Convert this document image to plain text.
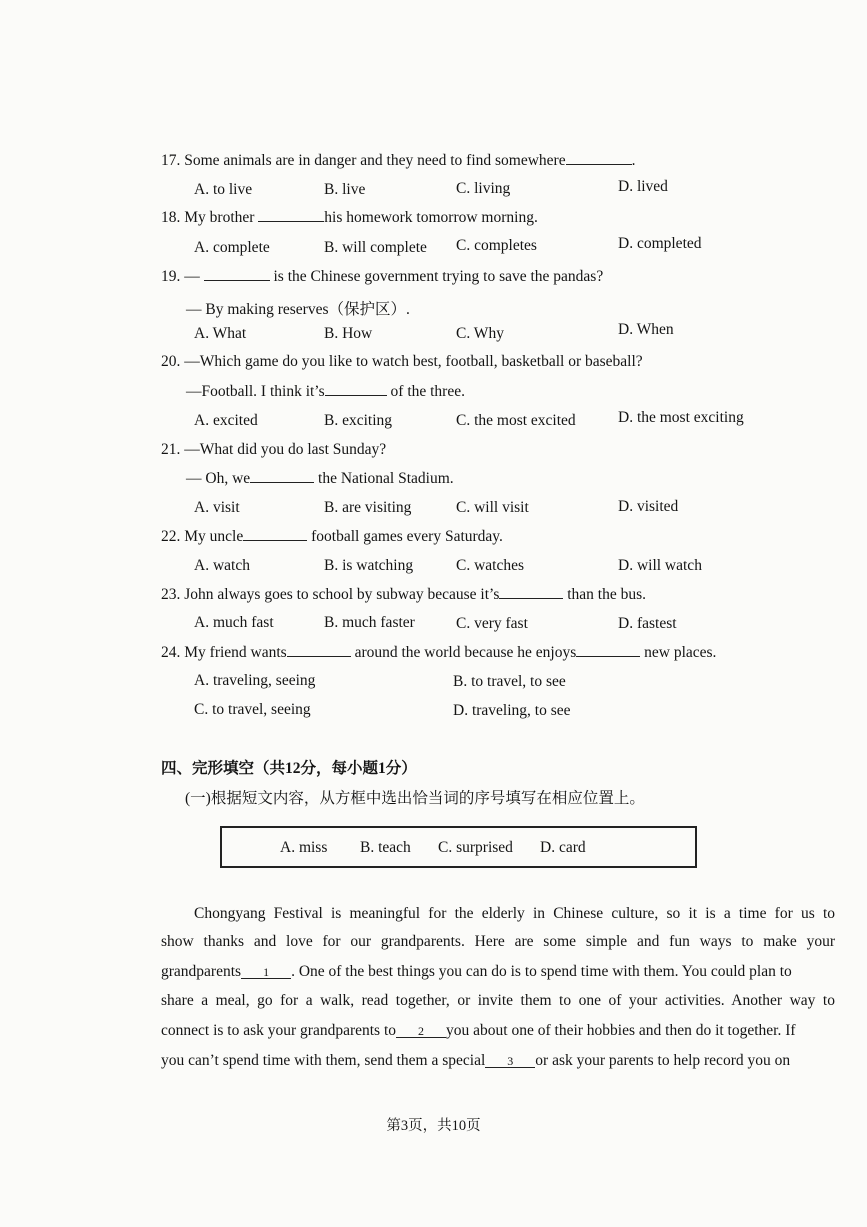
17. Some animals are in danger and they need to find somewhere	.
A. to live	B. live	C. living	D. lived
18. My brother	his homework tomorrow morning.
A. complete	B. will complete C. completes	D. completed
19. —	is the Chinese government trying to save the pandas?
— By making reserves（保护区）.
A. What	B. How	C. Why	D. When
20. —Which game do you like to watch best, football, basketball or baseball?
—Football. I think it’s	of the three.
A. excited	B. exciting	C. the most excited	D. the most exciting
21. —What did you do last Sunday?
— Oh, we	the National Stadium.
A. visit	B. are visiting	C. will visit	D. visited
22. My uncle	football games every Saturday.
A. watch	B. is watching	C. watches	D. will watch
23. John always goes to school by subway because it’s	than the bus.
A. much fast	B. much faster	C. very fast	D. fastest
24. My friend wants	around the world because he enjoys	new places.
A. traveling, seeing	B. to travel, to see
C. to travel, seeing	D. traveling, to see
四、完形填空（共12分，每小题1分）
(一)根据短文内容，从方框中选出恰当词的序号填写在相应位置上。
A. miss B. teach C. surprised D. card
Chongyang Festival is meaningful for the elderly in Chinese culture, so it is a time for us to
show thanks and love for our grandparents. Here are some simple and fun ways to make your
grandparents 1 . One of the best things you can do is to spend time with them. You could plan to
share a meal, go for a walk, read together, or invite them to one of your activities. Another way to
connect is to ask your grandparents to 2 you about one of their hobbies and then do it together. If
you can’t spend time with them, send them a special 3 or ask your parents to help record you on
第3页，共10页
